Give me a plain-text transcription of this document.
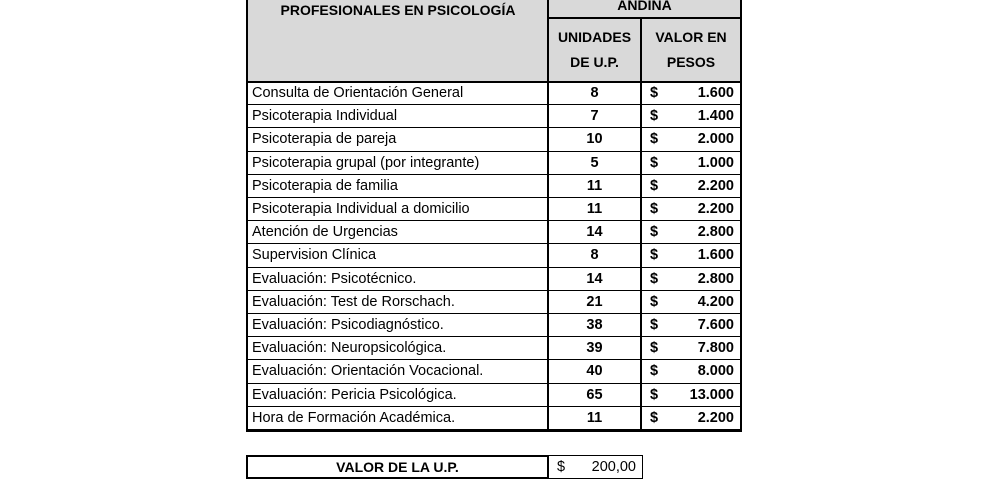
PROFESIONALES EN PSICOLOGÍA	ANDINA
UNIDADES DE U.P.
VALOR EN PESOS
Consulta de Orientación General	8	$	1.600
Psicoterapia Individual	7	$	1.400
Psicoterapia de pareja	10	$	2.000
Psicoterapia grupal (por integrante)	5	$	1.000
Psicoterapia de familia	11	$	2.200
Psicoterapia Individual a domicilio	11	$	2.200
Atención de Urgencias	14	$	2.800
Supervision Clínica	8	$	1.600
Evaluación: Psicotécnico.	14	$	2.800
Evaluación: Test de Rorschach.	21	$	4.200
Evaluación: Psicodiagnóstico.	38	$	7.600
Evaluación: Neuropsicológica.	39	$	7.800
Evaluación: Orientación Vocacional.	40	$	8.000
Evaluación: Pericia Psicológica.	65	$ 13.000
Hora de Formación Académica.	11	$	2.200
VALOR DE LA U.P.	$ 200,00
